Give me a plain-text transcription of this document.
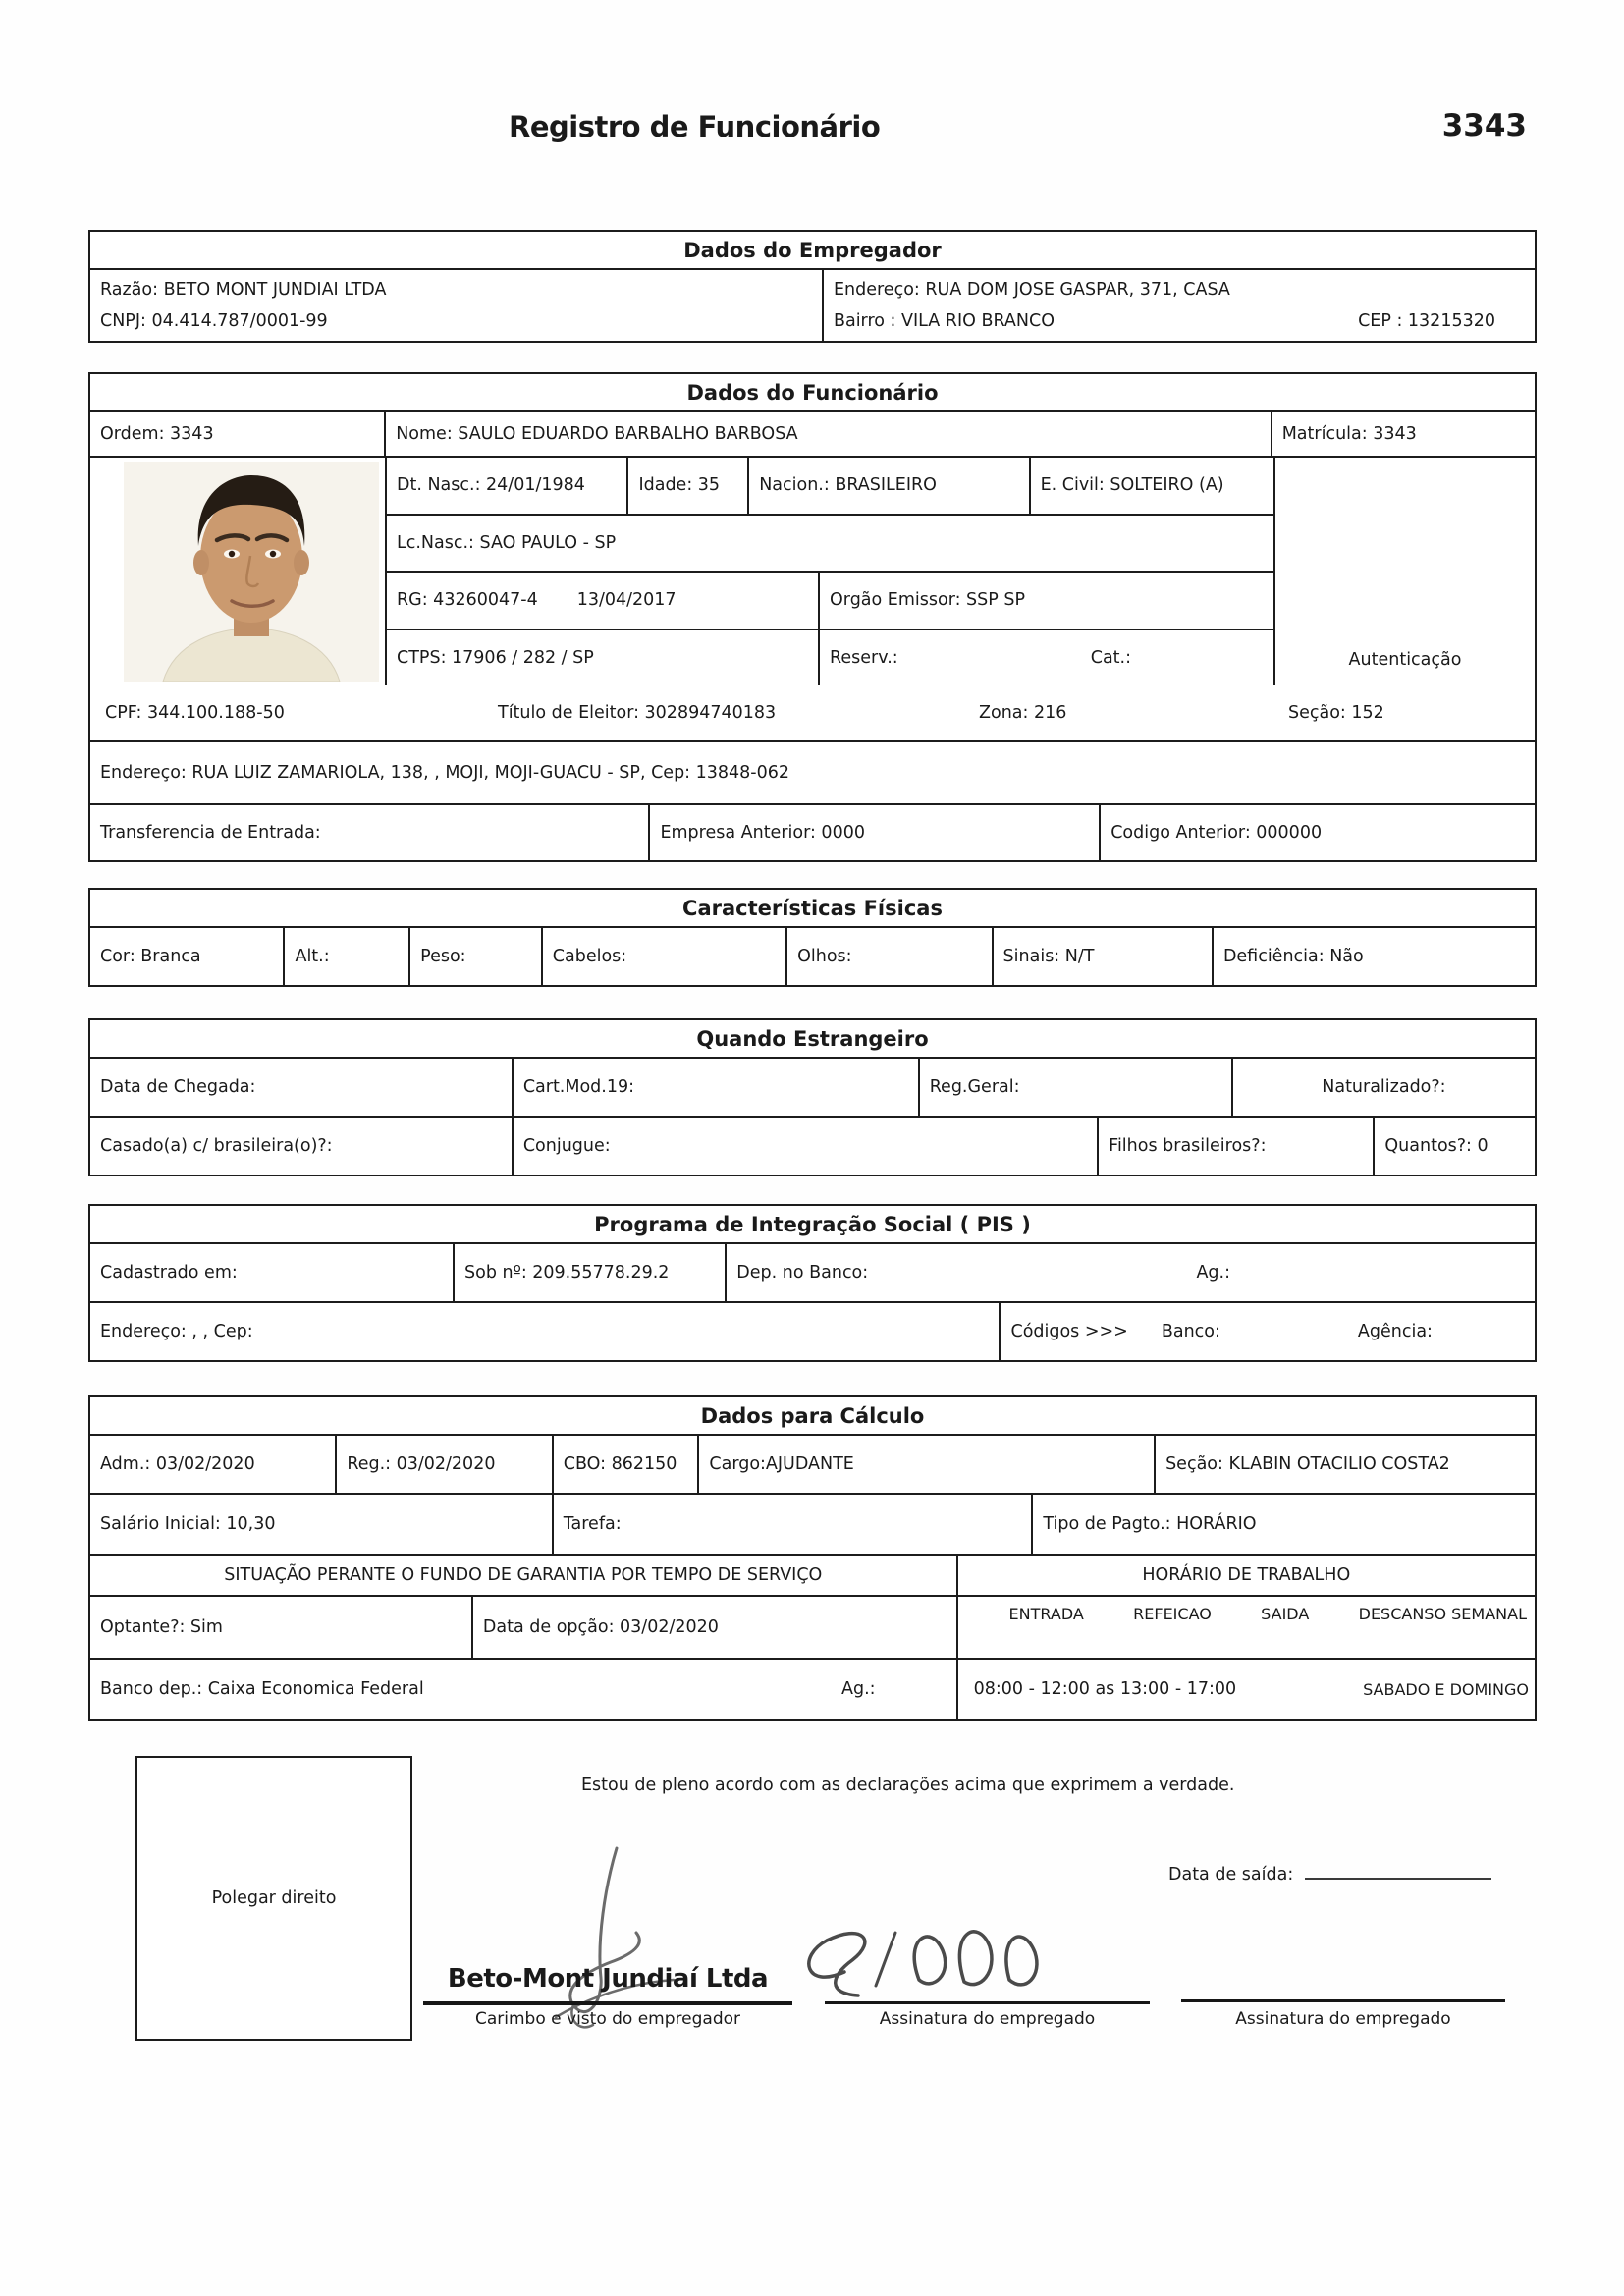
Registro de Funcionário	3343
Dados do Empregador
Razão: BETO MONT JUNDIAI LTDA
CNPJ: 04.414.787/0001-99
Endereço: RUA DOM JOSE GASPAR, 371, CASA
Bairro : VILA RIO BRANCO	CEP : 13215320
Dados do Funcionário
Ordem: 3343	Nome: SAULO EDUARDO BARBALHO BARBOSA	Matrícula: 3343
Dt. Nasc.: 24/01/1984	Idade: 35	Nacion.: BRASILEIRO	E. Civil: SOLTEIRO (A)
Lc.Nasc.: SAO PAULO - SP
RG: 43260047-4 13/04/2017	Orgão Emissor: SSP SP
CTPS: 17906 / 282 / SP	Reserv.:	Cat.:	Autenticação
CPF: 344.100.188-50	Título de Eleitor: 302894740183	Zona: 216	Seção: 152
Endereço: RUA LUIZ ZAMARIOLA, 138, , MOJI, MOJI-GUACU - SP, Cep: 13848-062
Transferencia de Entrada:	Empresa Anterior: 0000	Codigo Anterior: 000000
Características Físicas
Cor: Branca	Alt.:	Peso:	Cabelos:	Olhos:	Sinais: N/T	Deficiência: Não
Quando Estrangeiro
Data de Chegada:	Cart.Mod.19:	Reg.Geral:	Naturalizado?:
Casado(a) c/ brasileira(o)?:	Conjugue:	Filhos brasileiros?:	Quantos?: 0
Programa de Integração Social ( PIS )
Cadastrado em:	Sob nº: 209.55778.29.2	Dep. no Banco:	Ag.:
Endereço: , , Cep:	Códigos >>> Banco:	Agência:
Dados para Cálculo
Adm.: 03/02/2020	Reg.: 03/02/2020	CBO: 862150	Cargo:AJUDANTE	Seção: KLABIN OTACILIO COSTA2
Salário Inicial: 10,30	Tarefa:	Tipo de Pagto.: HORÁRIO
SITUAÇÃO PERANTE O FUNDO DE GARANTIA POR TEMPO DE SERVIÇO	HORÁRIO DE TRABALHO
Optante?: Sim	Data de opção: 03/02/2020
ENTRADA	REFEICAO	SAIDA	DESCANSO SEMANAL
Banco dep.: Caixa Economica Federal	Ag.:	08:00 - 12:00 as 13:00 - 17:00	SABADO E DOMINGO
Polegar direito
Estou de pleno acordo com as declarações acima que exprimem a verdade.
Data de saída:
Beto-Mont Jundiaí Ltda
Carimbo e visto do empregador	Assinatura do empregado	Assinatura do empregado
